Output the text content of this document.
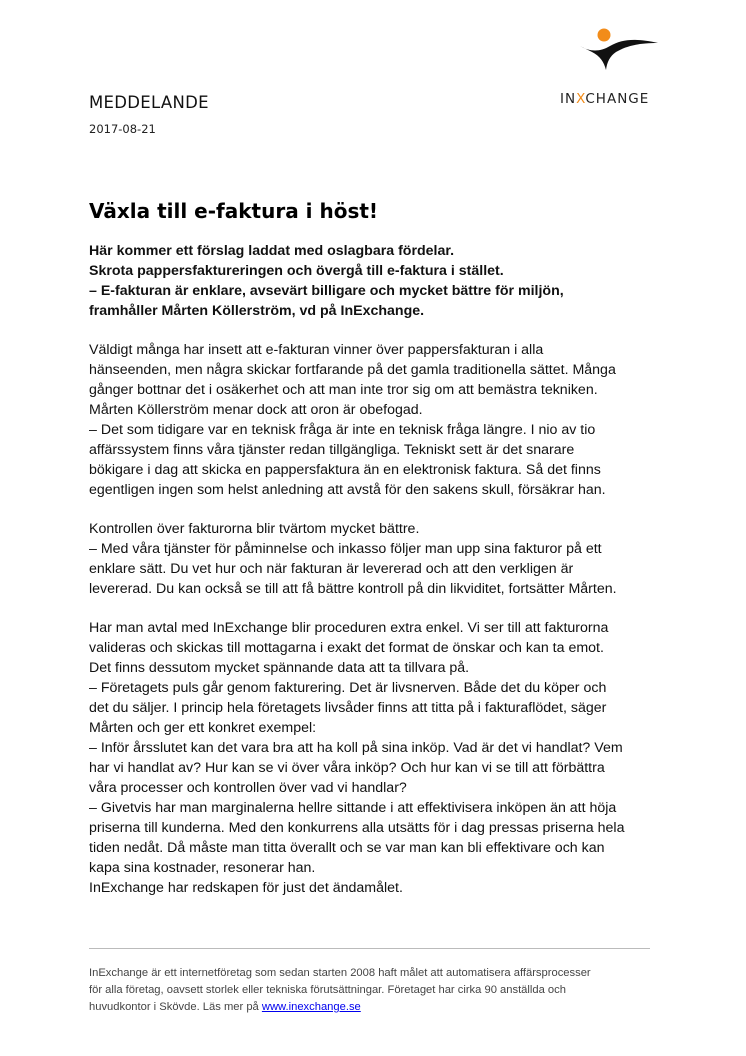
INXCHANGE
MEDDELANDE
2017-08-21
Växla till e-faktura i höst!
Här kommer ett förslag laddat med oslagbara fördelar.
Skrota pappersfaktureringen och övergå till e-faktura i stället.
– E-fakturan är enklare, avsevärt billigare och mycket bättre för miljön,
framhåller Mårten Köllerström, vd på InExchange.
Väldigt många har insett att e-fakturan vinner över pappersfakturan i alla
hänseenden, men några skickar fortfarande på det gamla traditionella sättet. Många
gånger bottnar det i osäkerhet och att man inte tror sig om att bemästra tekniken.
Mårten Köllerström menar dock att oron är obefogad.
– Det som tidigare var en teknisk fråga är inte en teknisk fråga längre. I nio av tio
affärssystem finns våra tjänster redan tillgängliga. Tekniskt sett är det snarare
bökigare i dag att skicka en pappersfaktura än en elektronisk faktura. Så det finns
egentligen ingen som helst anledning att avstå för den sakens skull, försäkrar han.
Kontrollen över fakturorna blir tvärtom mycket bättre.
– Med våra tjänster för påminnelse och inkasso följer man upp sina fakturor på ett
enklare sätt. Du vet hur och när fakturan är levererad och att den verkligen är
levererad. Du kan också se till att få bättre kontroll på din likviditet, fortsätter Mårten.
Har man avtal med InExchange blir proceduren extra enkel. Vi ser till att fakturorna
valideras och skickas till mottagarna i exakt det format de önskar och kan ta emot.
Det finns dessutom mycket spännande data att ta tillvara på.
– Företagets puls går genom fakturering. Det är livsnerven. Både det du köper och
det du säljer. I princip hela företagets livsåder finns att titta på i fakturaflödet, säger
Mårten och ger ett konkret exempel:
– Inför årsslutet kan det vara bra att ha koll på sina inköp. Vad är det vi handlat? Vem
har vi handlat av? Hur kan se vi över våra inköp? Och hur kan vi se till att förbättra
våra processer och kontrollen över vad vi handlar?
– Givetvis har man marginalerna hellre sittande i att effektivisera inköpen än att höja
priserna till kunderna. Med den konkurrens alla utsätts för i dag pressas priserna hela
tiden nedåt. Då måste man titta överallt och se var man kan bli effektivare och kan
kapa sina kostnader, resonerar han.
InExchange har redskapen för just det ändamålet.
InExchange är ett internetföretag som sedan starten 2008 haft målet att automatisera affärsprocesser
för alla företag, oavsett storlek eller tekniska förutsättningar. Företaget har cirka 90 anställda och
huvudkontor i Skövde. Läs mer på www.inexchange.se
